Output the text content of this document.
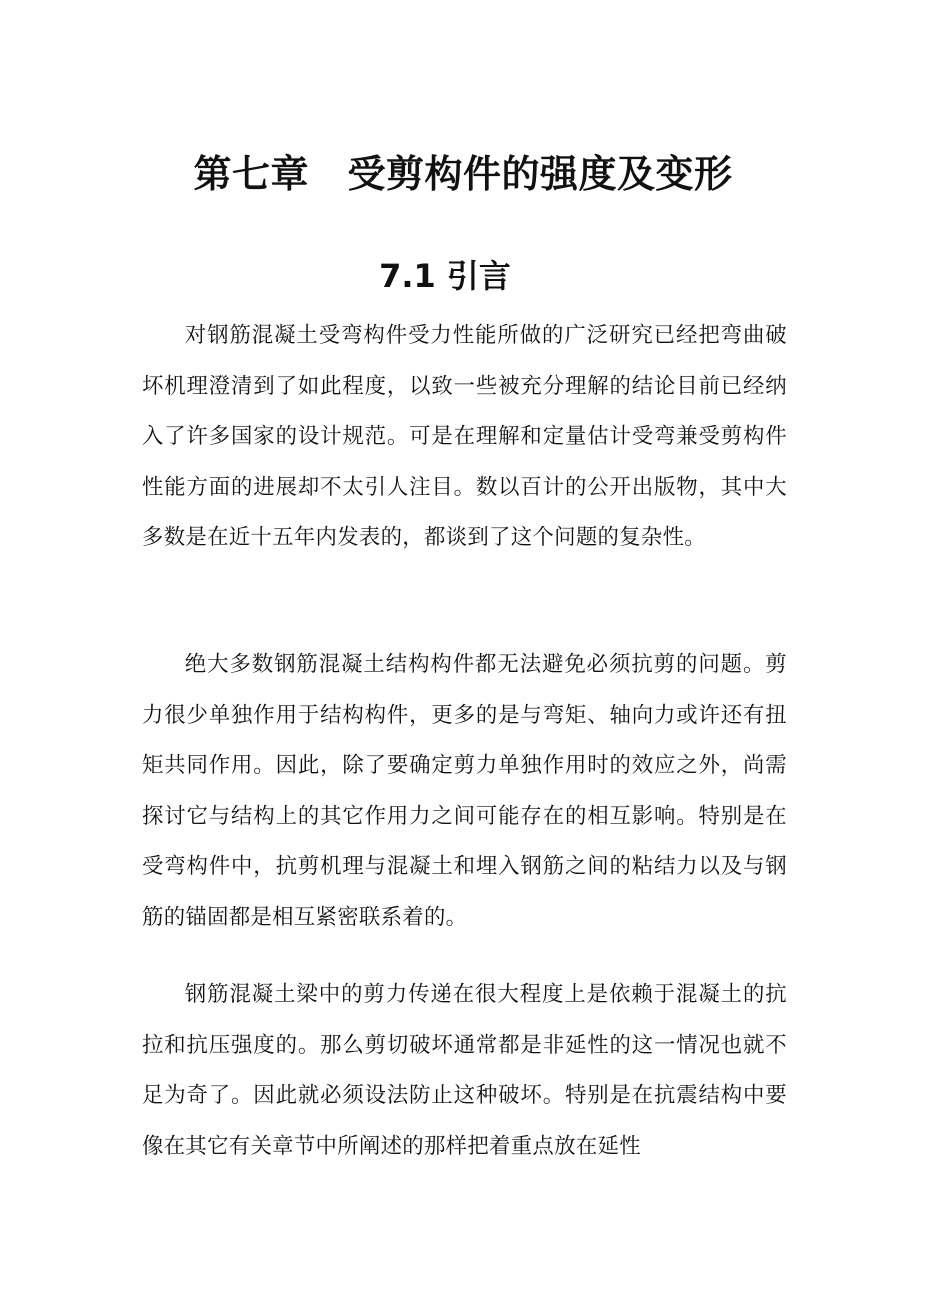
第七章　受剪构件的强度及变形
7.1 引言

对钢筋混凝土受弯构件受力性能所做的广泛研究已经把弯曲破坏机理澄清到了如此程度，以致一些被充分理解的结论目前已经纳入了许多国家的设计规范。可是在理解和定量估计受弯兼受剪构件性能方面的进展却不太引人注目。数以百计的公开出版物，其中大多数是在近十五年内发表的，都谈到了这个问题的复杂性。

绝大多数钢筋混凝土结构构件都无法避免必须抗剪的问题。剪力很少单独作用于结构构件，更多的是与弯矩、轴向力或许还有扭矩共同作用。因此，除了要确定剪力单独作用时的效应之外，尚需探讨它与结构上的其它作用力之间可能存在的相互影响。特别是在受弯构件中，抗剪机理与混凝土和埋入钢筋之间的粘结力以及与钢筋的锚固都是相互紧密联系着的。

钢筋混凝土梁中的剪力传递在很大程度上是依赖于混凝土的抗拉和抗压强度的。那么剪切破坏通常都是非延性的这一情况也就不足为奇了。因此就必须设法防止这种破坏。特别是在抗震结构中要像在其它有关章节中所阐述的那样把着重点放在延性
